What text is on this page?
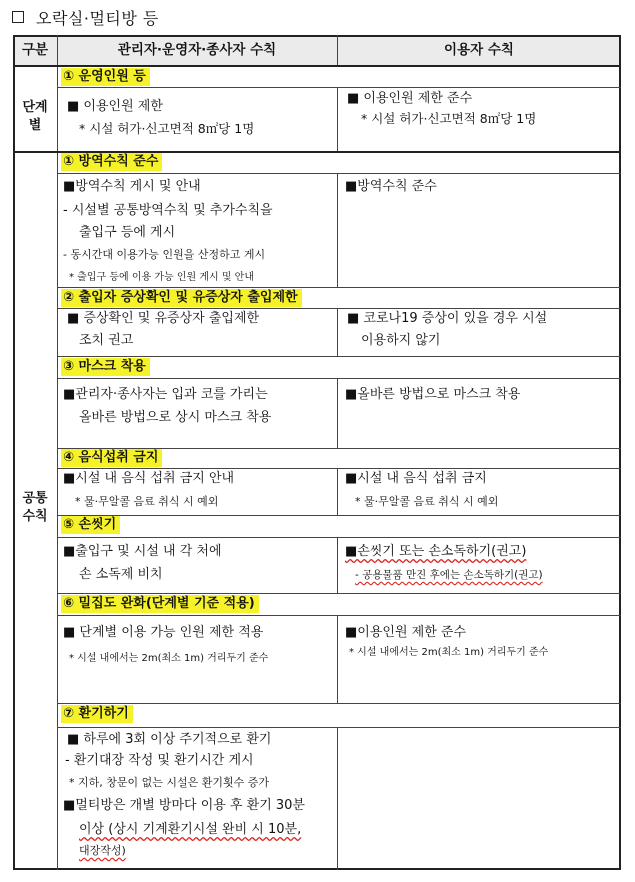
오락실·멀티방 등
구분	관리자·운영자·종사자 수칙	이용자 수칙
단계별
공통수칙
① 운영인원 등
■ 이용인원 제한
* 시설 허가·신고면적 8㎡당 1명
■ 이용인원 제한 준수
* 시설 허가·신고면적 8㎡당 1명
① 방역수칙 준수
■방역수칙 게시 및 안내
- 시설별 공통방역수칙 및 추가수칙을
출입구 등에 게시
- 동시간대 이용가능 인원을 산정하고 게시
* 출입구 등에 이용 가능 인원 게시 및 안내
■방역수칙 준수
② 출입자 증상확인 및 유증상자 출입제한
■ 증상확인 및 유증상자 출입제한
조치 권고
■ 코로나19 증상이 있을 경우 시설
이용하지 않기
③ 마스크 착용
■관리자·종사자는 입과 코를 가리는
올바른 방법으로 상시 마스크 착용
■올바른 방법으로 마스크 착용
④ 음식섭취 금지
■시설 내 음식 섭취 금지 안내
* 물·무알콜 음료 취식 시 예외
■시설 내 음식 섭취 금지
* 물·무알콜 음료 취식 시 예외
⑤ 손씻기
■출입구 및 시설 내 각 처에
손 소독제 비치
■손씻기 또는 손소독하기(권고)
- 공용물품 만진 후에는 손소독하기(권고)
⑥ 밀집도 완화(단계별 기준 적용)
■ 단계별 이용 가능 인원 제한 적용
* 시설 내에서는 2m(최소 1m) 거리두기 준수
■이용인원 제한 준수
* 시설 내에서는 2m(최소 1m) 거리두기 준수
⑦ 환기하기
■ 하루에 3회 이상 주기적으로 환기
- 환기대장 작성 및 환기시간 게시
* 지하, 창문이 없는 시설은 환기횟수 증가
■멀티방은 개별 방마다 이용 후 환기 30분
이상 (상시 기계환기시설 완비 시 10분,
대장작성)
